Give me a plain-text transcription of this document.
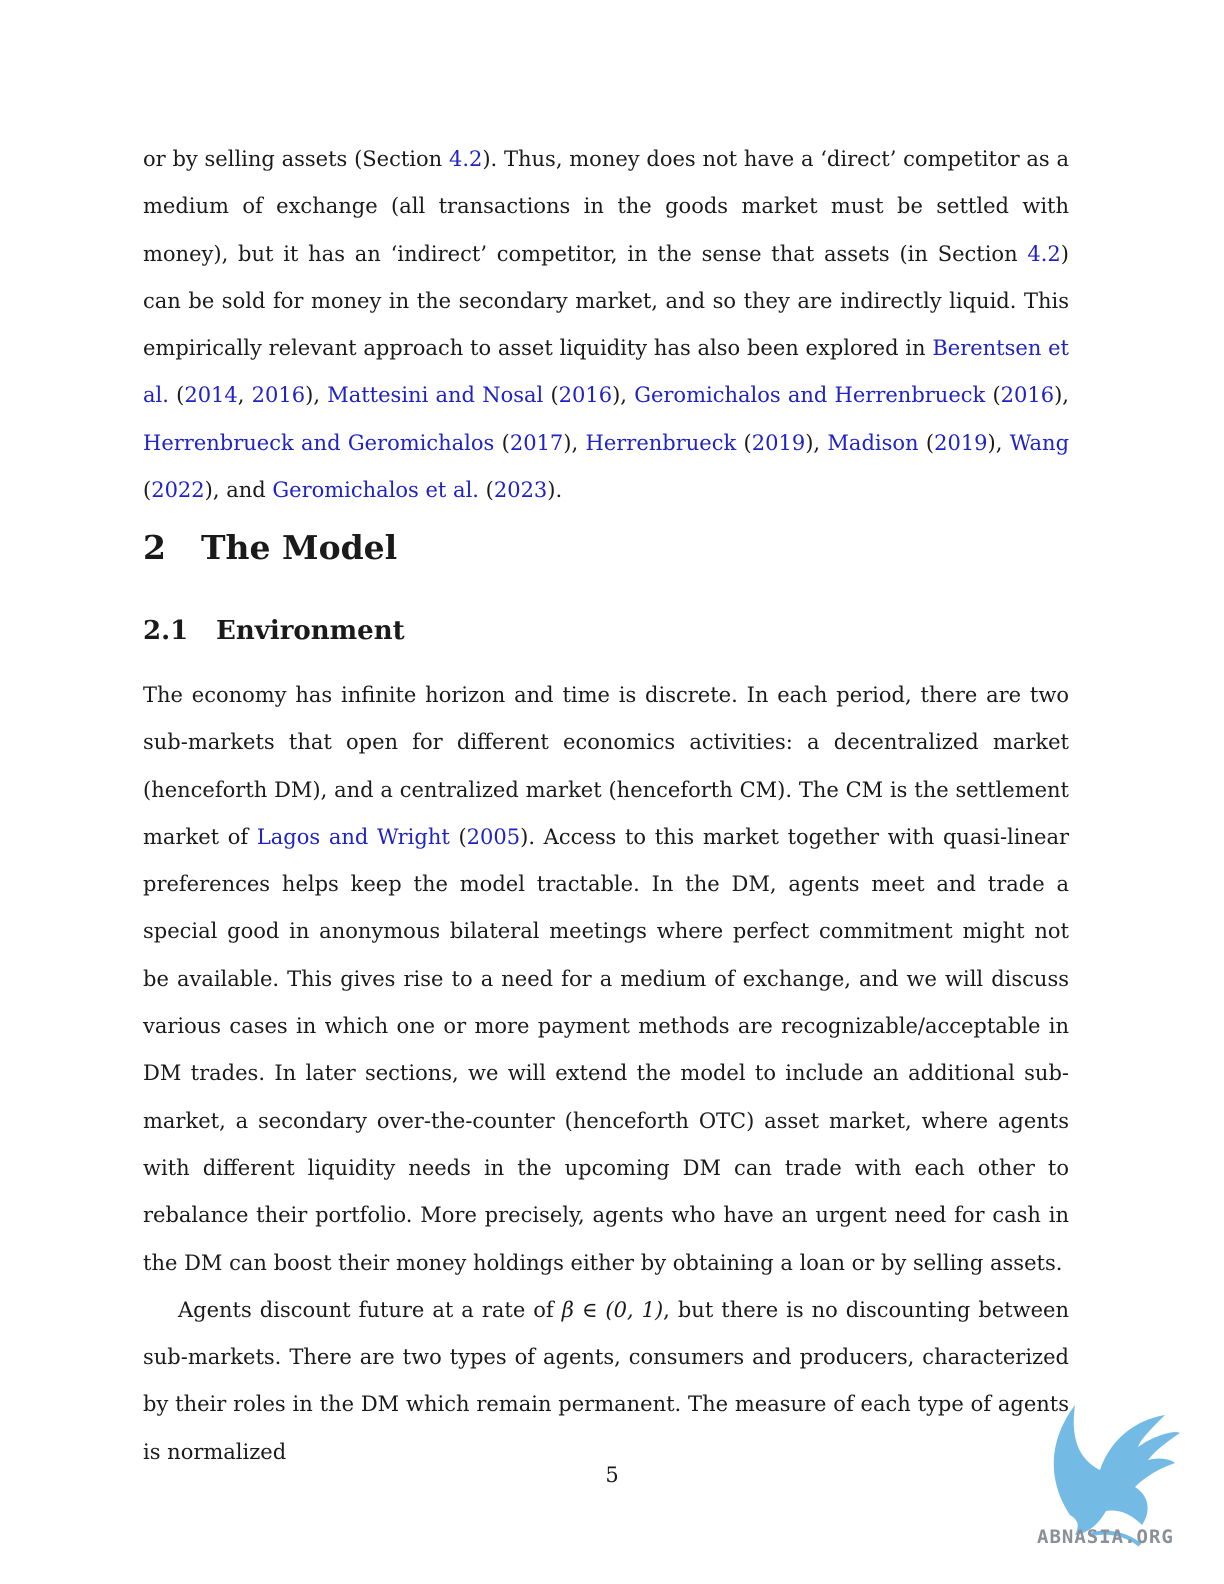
or by selling assets (Section 4.2). Thus, money does not have a ‘direct’ competitor as a medium of exchange (all transactions in the goods market must be settled with money), but it has an ‘indirect’ competitor, in the sense that assets (in Section 4.2) can be sold for money in the secondary market, and so they are indirectly liquid. This empirically relevant approach to asset liquidity has also been explored in Berentsen et al. (2014, 2016), Mattesini and Nosal (2016), Geromichalos and Herrenbrueck (2016), Herrenbrueck and Geromichalos (2017), Herrenbrueck (2019), Madison (2019), Wang (2022), and Geromichalos et al. (2023).

2 The Model
2.1 Environment

The economy has infinite horizon and time is discrete. In each period, there are two sub-markets that open for different economics activities: a decentralized market (henceforth DM), and a centralized market (henceforth CM). The CM is the settlement market of Lagos and Wright (2005). Access to this market together with quasi-linear preferences helps keep the model tractable. In the DM, agents meet and trade a special good in anonymous bilateral meetings where perfect commitment might not be available. This gives rise to a need for a medium of exchange, and we will discuss various cases in which one or more payment methods are recognizable/acceptable in DM trades. In later sections, we will extend the model to include an additional sub-market, a secondary over-the-counter (henceforth OTC) asset market, where agents with different liquidity needs in the upcoming DM can trade with each other to rebalance their portfolio. More precisely, agents who have an urgent need for cash in the DM can boost their money holdings either by obtaining a loan or by selling assets.

Agents discount future at a rate of β ∈ (0, 1), but there is no discounting between sub-markets. There are two types of agents, consumers and producers, characterized by their roles in the DM which remain permanent. The measure of each type of agents is normalized

5
ABNASIA.ORG
